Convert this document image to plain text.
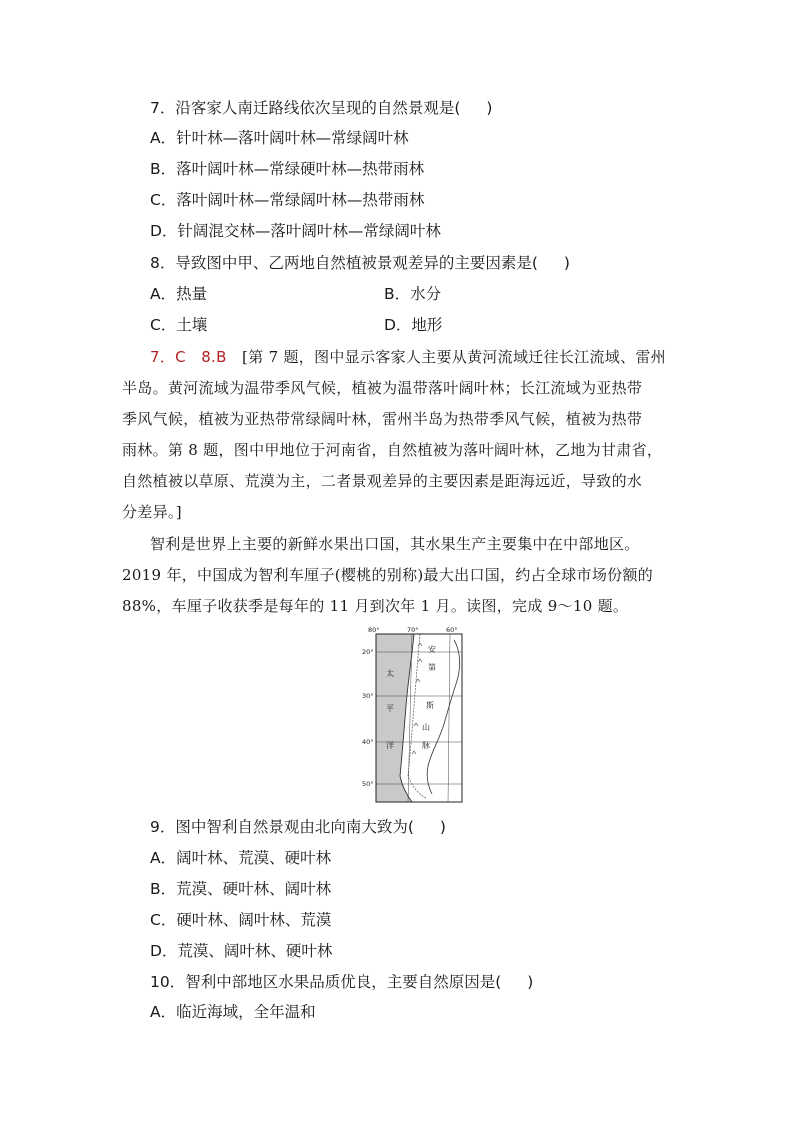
7．沿客家人南迁路线依次呈现的自然景观是( )
A．针叶林—落叶阔叶林—常绿阔叶林
B．落叶阔叶林—常绿硬叶林—热带雨林
C．落叶阔叶林—常绿阔叶林—热带雨林
D．针阔混交林—落叶阔叶林—常绿阔叶林
8．导致图中甲、乙两地自然植被景观差异的主要因素是( )
A．热量	B．水分
C．土壤	D．地形
7．C　8.B　 [第 7 题，图中显示客家人主要从黄河流域迁往长江流域、雷州
半岛。黄河流域为温带季风气候，植被为温带落叶阔叶林；长江流域为亚热带
季风气候，植被为亚热带常绿阔叶林，雷州半岛为热带季风气候，植被为热带
雨林。第 8 题，图中甲地位于河南省，自然植被为落叶阔叶林，乙地为甘肃省，
自然植被以草原、荒漠为主，二者景观差异的主要因素是距海远近，导致的水
分差异。]
智利是世界上主要的新鲜水果出口国，其水果生产主要集中在中部地区。
2019 年，中国成为智利车厘子(樱桃的别称)最大出口国，约占全球市场份额的
88%，车厘子收获季是每年的 11 月到次年 1 月。读图，完成 9～10 题。
80°	70°	60°
20°
30°
40°
50°
太
平
洋
安
第
斯
山
脉
9．图中智利自然景观由北向南大致为( )
A．阔叶林、荒漠、硬叶林
B．荒漠、硬叶林、阔叶林
C．硬叶林、阔叶林、荒漠
D．荒漠、阔叶林、硬叶林
10．智利中部地区水果品质优良，主要自然原因是( )
A．临近海域，全年温和
